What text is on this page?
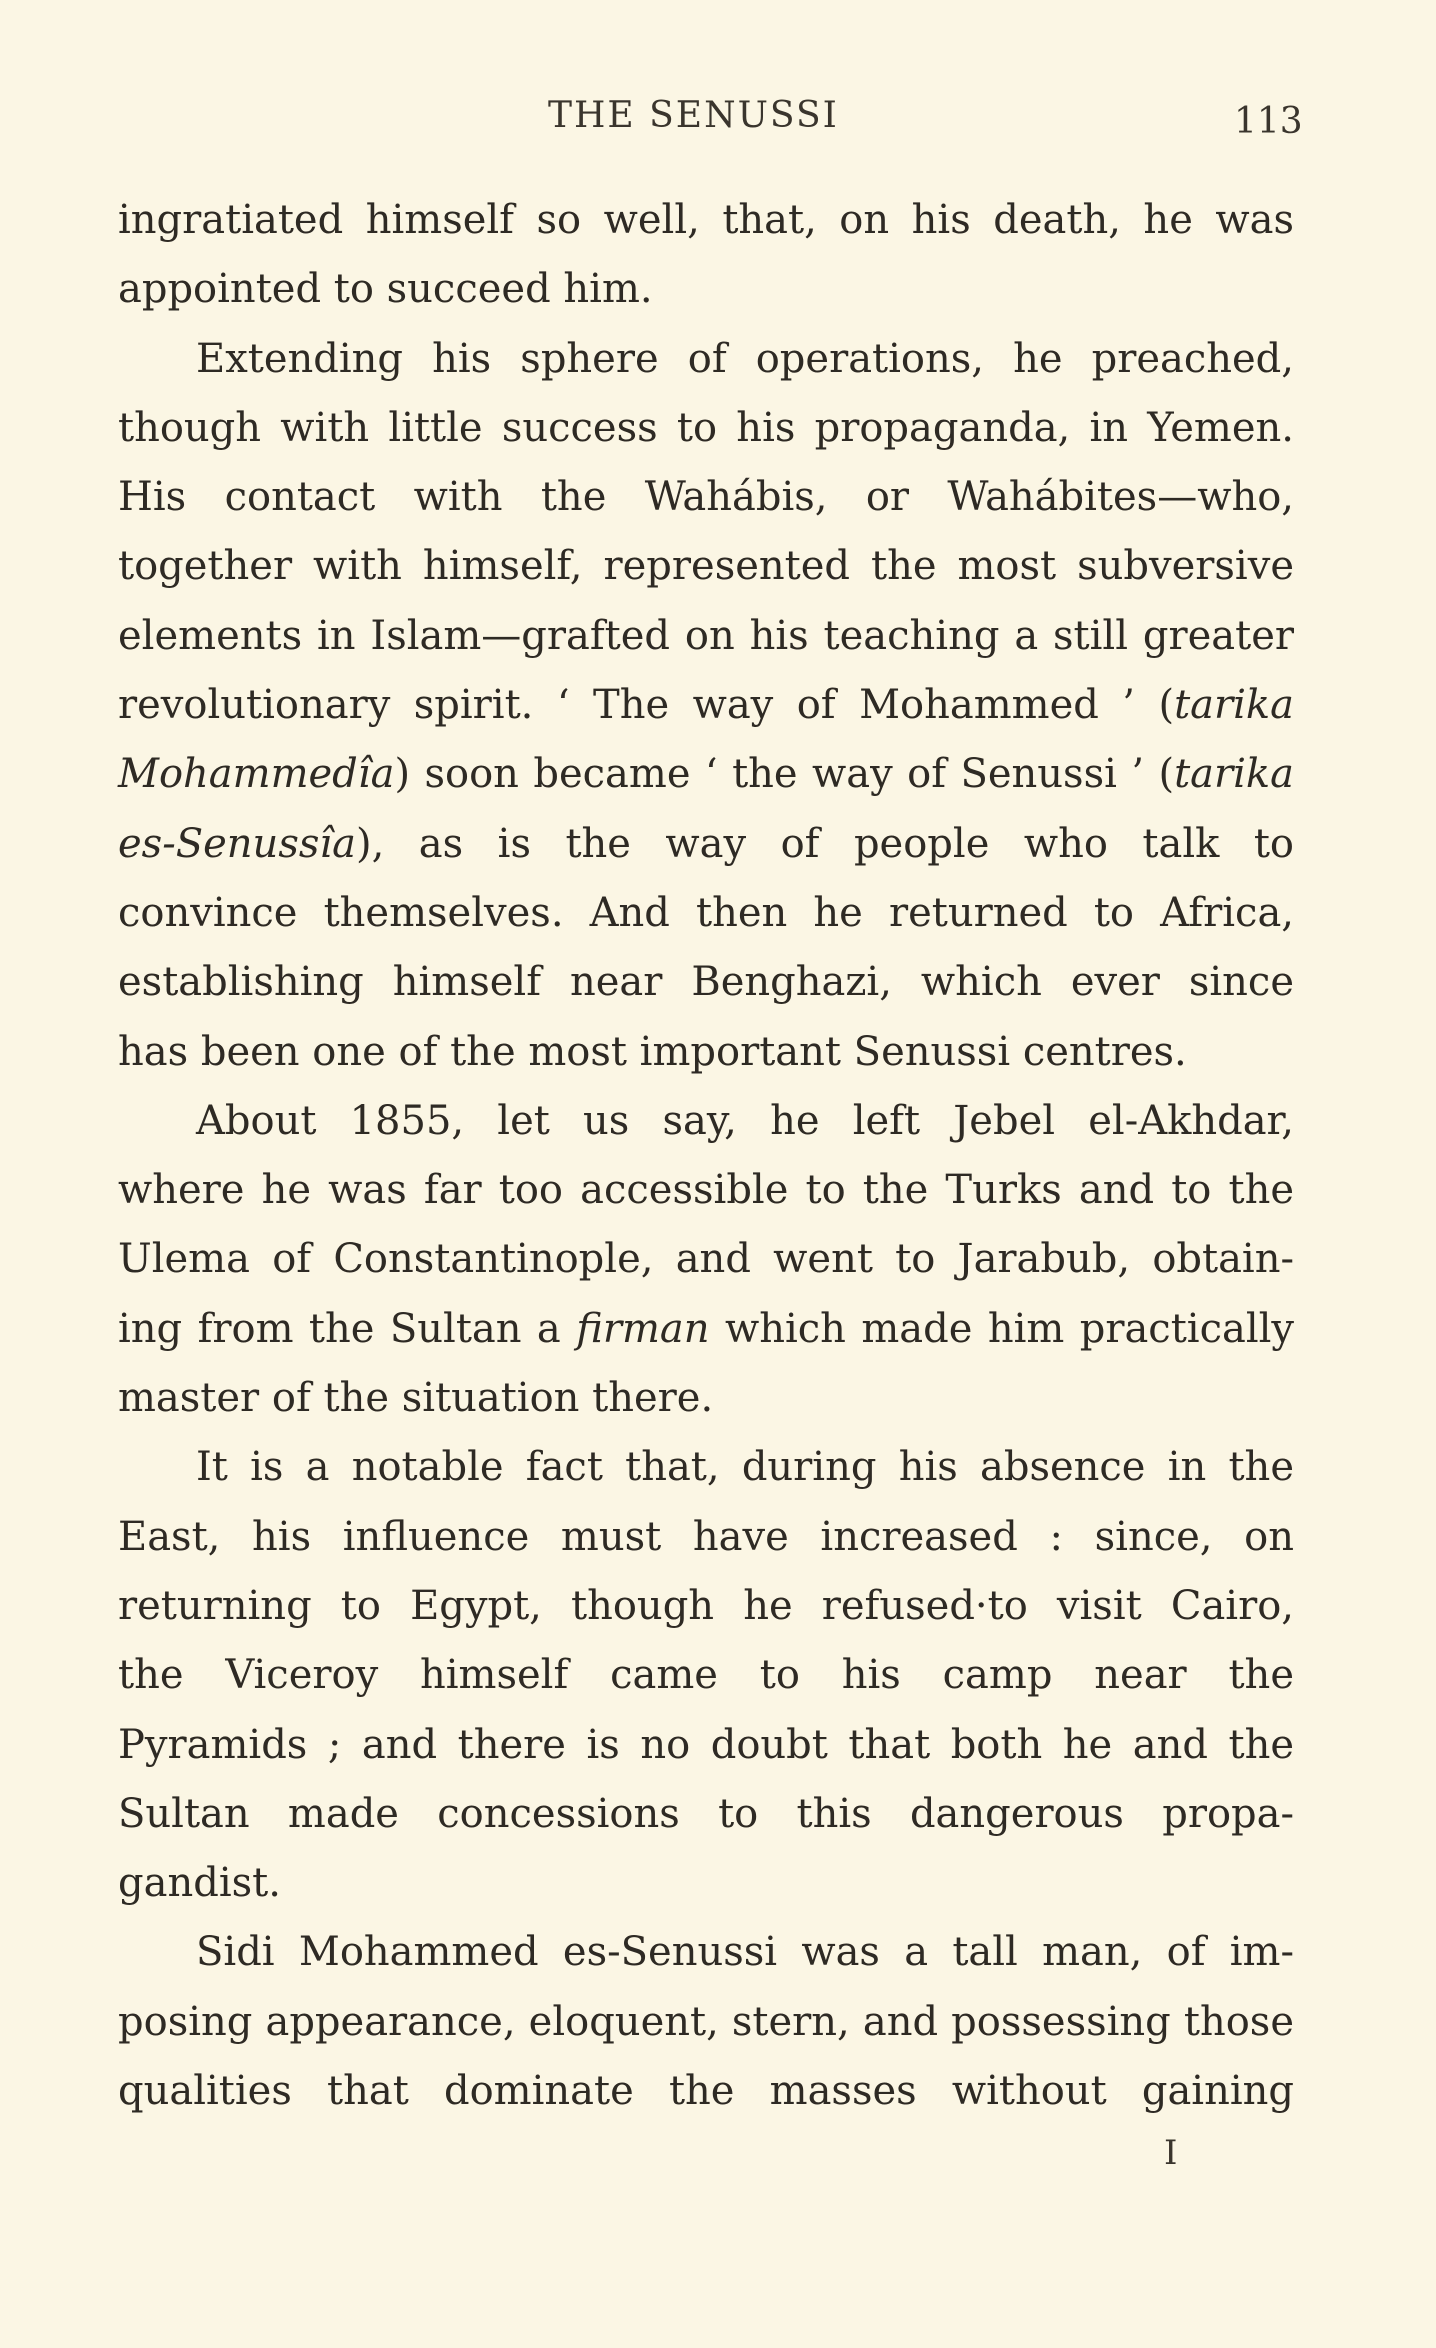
THE SENUSSI	113
ingratiated himself so well, that, on his death, he was
appointed to succeed him.
Extending his sphere of operations, he preached,
though with little success to his propaganda, in Yemen.
His contact with the Wahábis, or Wahábites—who,
together with himself, represented the most subversive
elements in Islam—grafted on his teaching a still greater
revolutionary spirit. ‘ The way of Mohammed ’ (tarika
Mohammedîa) soon became ‘ the way of Senussi ’ (tarika
es-Senussîa), as is the way of people who talk to
convince themselves. And then he returned to Africa,
establishing himself near Benghazi, which ever since
has been one of the most important Senussi centres.
About 1855, let us say, he left Jebel el-Akhdar,
where he was far too accessible to the Turks and to the
Ulema of Constantinople, and went to Jarabub, obtain-
ing from the Sultan a firman which made him practically
master of the situation there.
It is a notable fact that, during his absence in the
East, his influence must have increased : since, on
returning to Egypt, though he refused·to visit Cairo,
the Viceroy himself came to his camp near the
Pyramids ; and there is no doubt that both he and the
Sultan made concessions to this dangerous propa-
gandist.
Sidi Mohammed es-Senussi was a tall man, of im-
posing appearance, eloquent, stern, and possessing those
qualities that dominate the masses without gaining
I
